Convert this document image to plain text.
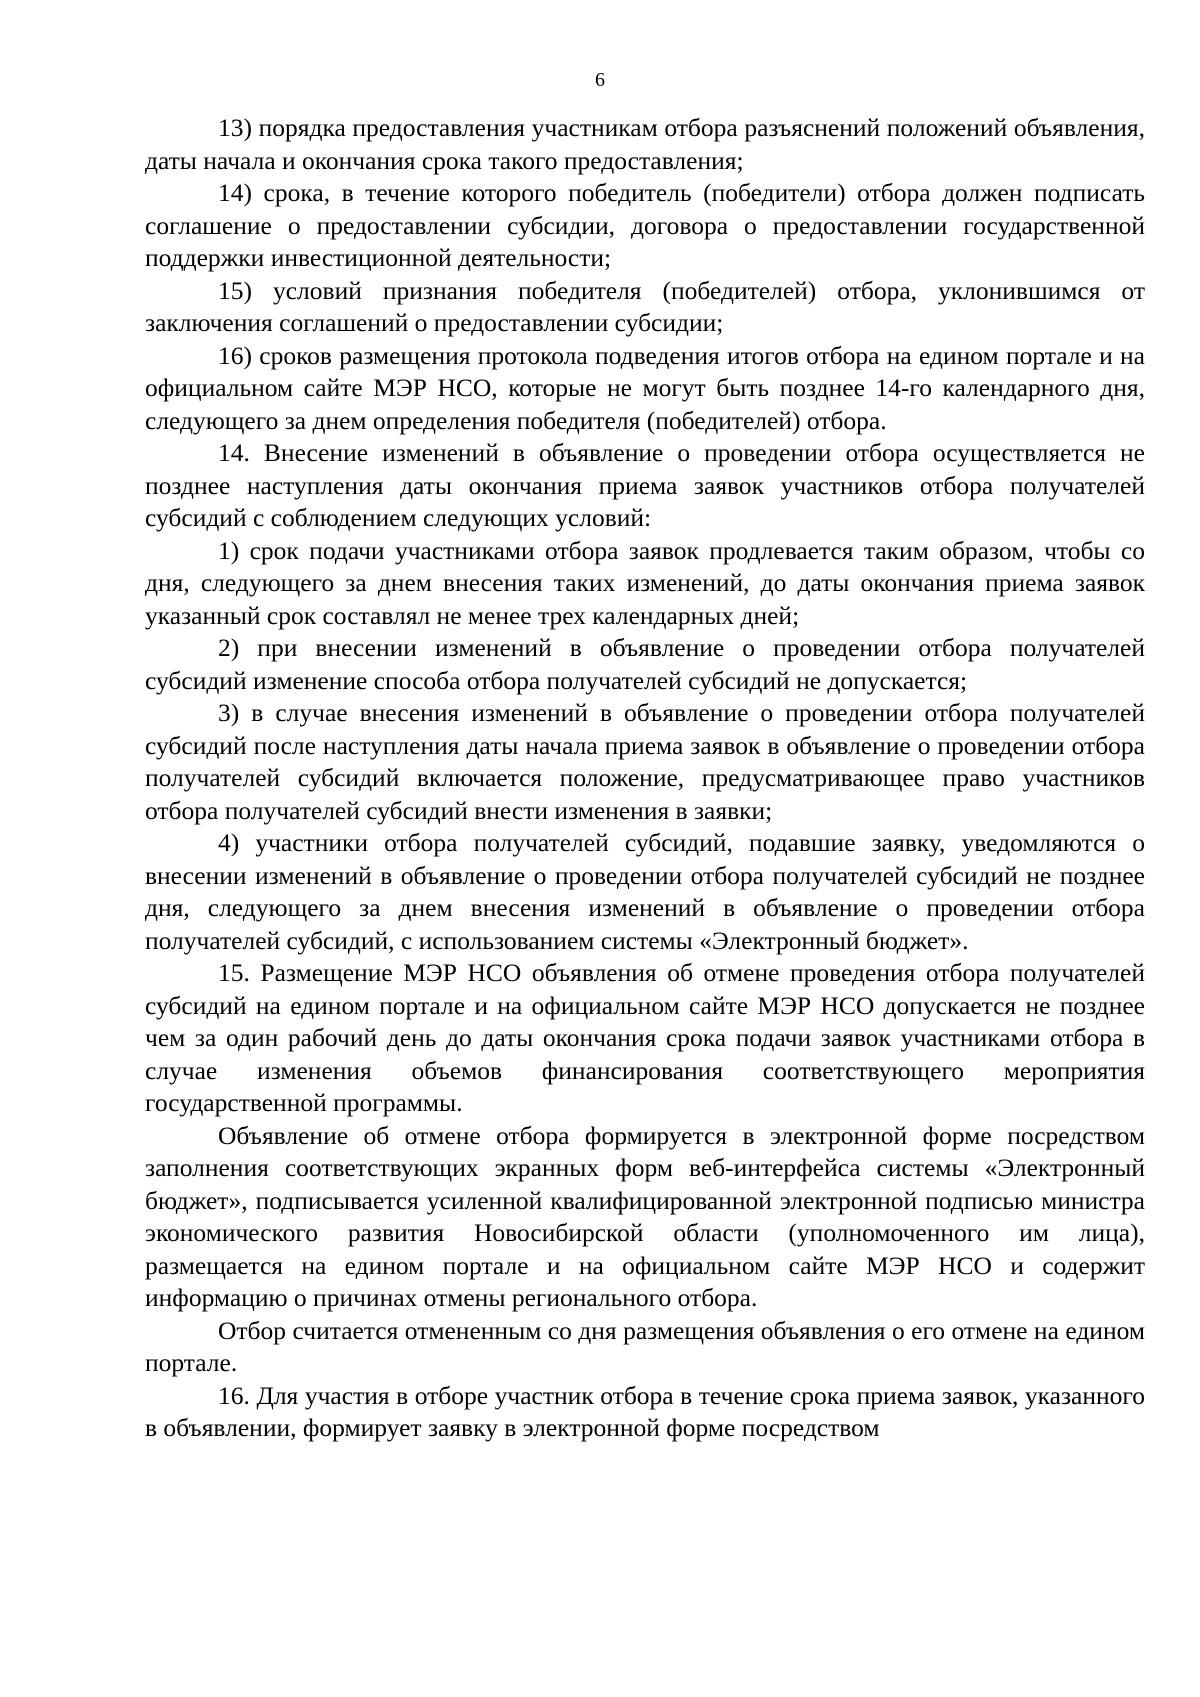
6

13) порядка предоставления участникам отбора разъяснений положений объявления, даты начала и окончания срока такого предоставления;

14) срока, в течение которого победитель (победители) отбора должен подписать соглашение о предоставлении субсидии, договора о предоставлении государственной поддержки инвестиционной деятельности;

15) условий признания победителя (победителей) отбора, уклонившимся от заключения соглашений о предоставлении субсидии;

16) сроков размещения протокола подведения итогов отбора на едином портале и на официальном сайте МЭР НСО, которые не могут быть позднее 14-го календарного дня, следующего за днем определения победителя (победителей) отбора.

14. Внесение изменений в объявление о проведении отбора осуществляется не позднее наступления даты окончания приема заявок участников отбора получателей субсидий с соблюдением следующих условий:

1) срок подачи участниками отбора заявок продлевается таким образом, чтобы со дня, следующего за днем внесения таких изменений, до даты окончания приема заявок указанный срок составлял не менее трех календарных дней;

2) при внесении изменений в объявление о проведении отбора получателей субсидий изменение способа отбора получателей субсидий не допускается;

3) в случае внесения изменений в объявление о проведении отбора получателей субсидий после наступления даты начала приема заявок в объявление о проведении отбора получателей субсидий включается положение, предусматривающее право участников отбора получателей субсидий внести изменения в заявки;

4) участники отбора получателей субсидий, подавшие заявку, уведомляются о внесении изменений в объявление о проведении отбора получателей субсидий не позднее дня, следующего за днем внесения изменений в объявление о проведении отбора получателей субсидий, с использованием системы «Электронный бюджет».

15. Размещение МЭР НСО объявления об отмене проведения отбора получателей субсидий на едином портале и на официальном сайте МЭР НСО допускается не позднее чем за один рабочий день до даты окончания срока подачи заявок участниками отбора в случае изменения объемов финансирования соответствующего мероприятия государственной программы.

Объявление об отмене отбора формируется в электронной форме посредством заполнения соответствующих экранных форм веб-интерфейса системы «Электронный бюджет», подписывается усиленной квалифицированной электронной подписью министра экономического развития Новосибирской области (уполномоченного им лица), размещается на едином портале и на официальном сайте МЭР НСО и содержит информацию о причинах отмены регионального отбора.

Отбор считается отмененным со дня размещения объявления о его отмене на едином портале.

16. Для участия в отборе участник отбора в течение срока приема заявок, указанного в объявлении, формирует заявку в электронной форме посредством
